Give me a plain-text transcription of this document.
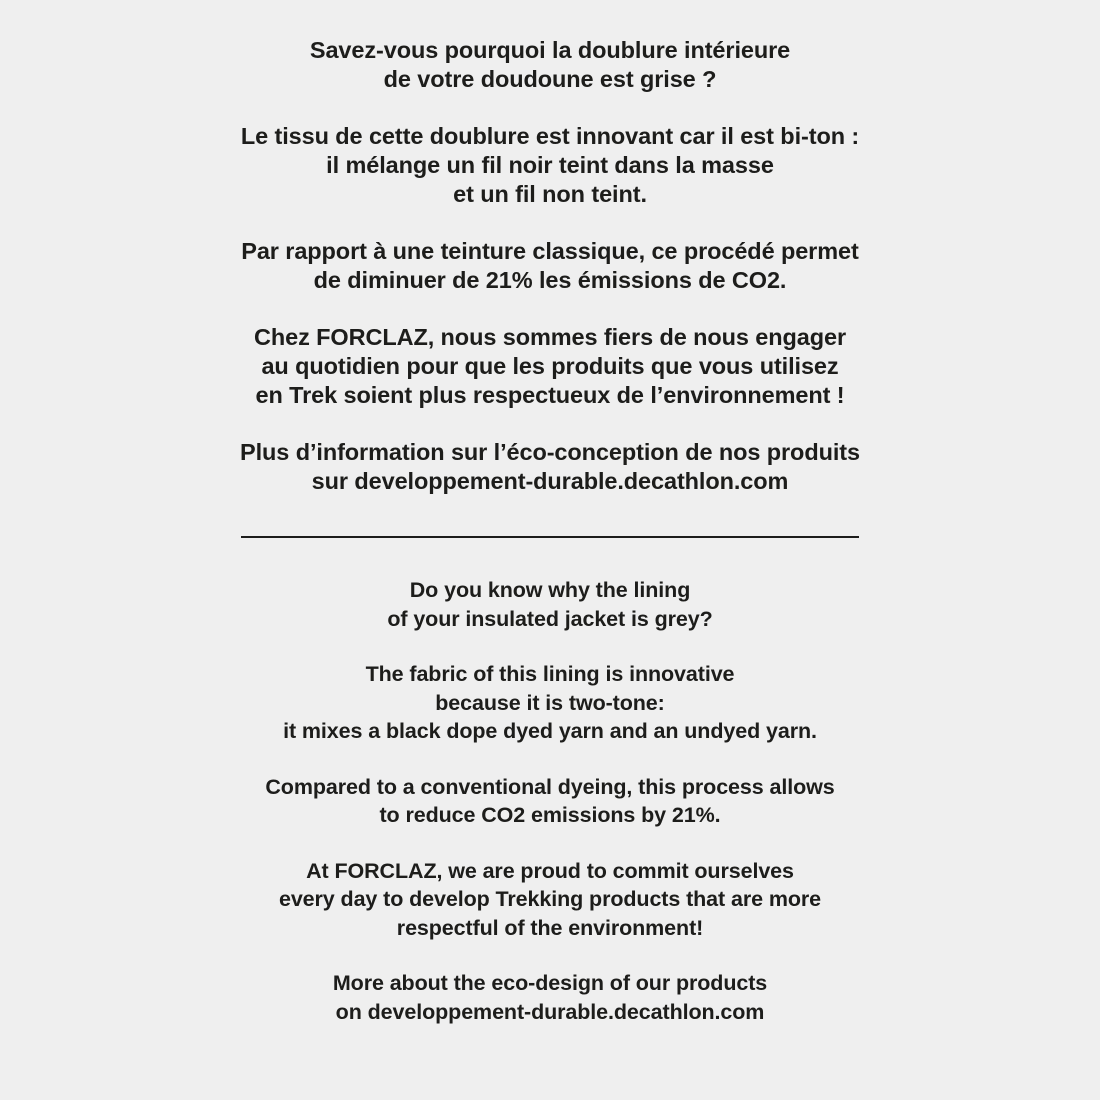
Savez-vous pourquoi la doublure intérieure
de votre doudoune est grise ?

Le tissu de cette doublure est innovant car il est bi-ton :
il mélange un fil noir teint dans la masse
et un fil non teint.

Par rapport à une teinture classique, ce procédé permet
de diminuer de 21% les émissions de CO2.

Chez FORCLAZ, nous sommes fiers de nous engager
au quotidien pour que les produits que vous utilisez
en Trek soient plus respectueux de l’environnement !

Plus d’information sur l’éco-conception de nos produits
sur developpement-durable.decathlon.com

Do you know why the lining
of your insulated jacket is grey?

The fabric of this lining is innovative
because it is two-tone:
it mixes a black dope dyed yarn and an undyed yarn.

Compared to a conventional dyeing, this process allows
to reduce CO2 emissions by 21%.

At FORCLAZ, we are proud to commit ourselves
every day to develop Trekking products that are more
respectful of the environment!

More about the eco-design of our products
on developpement-durable.decathlon.com
